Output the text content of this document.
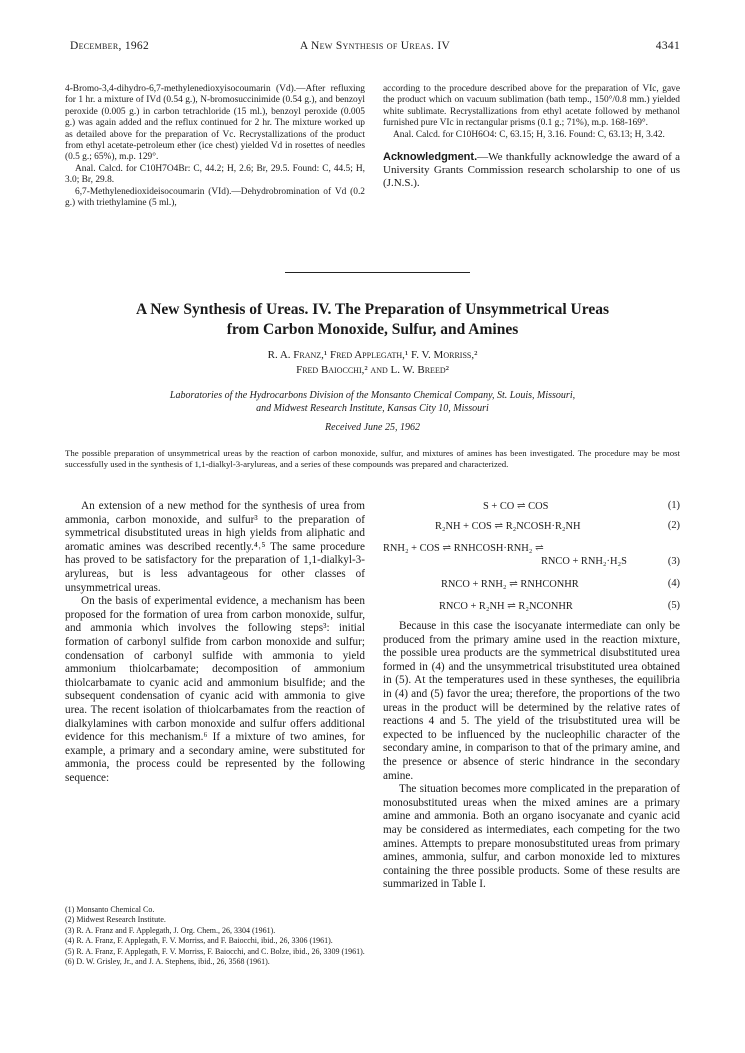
December, 1962	A New Synthesis of Ureas. IV	4341

4-Bromo-3,4-dihydro-6,7-methylenedioxyisocoumarin (Vd).—After refluxing for 1 hr. a mixture of IVd (0.54 g.), N-bromosuccinimide (0.54 g.), and benzoyl peroxide (0.005 g.) in carbon tetrachloride (15 ml.), benzoyl peroxide (0.005 g.) was again added and the reflux continued for 2 hr. The mixture worked up as detailed above for the preparation of Vc. Recrystallizations of the product from ethyl acetate-petroleum ether (ice chest) yielded Vd in rosettes of needles (0.5 g.; 65%), m.p. 129°.

Anal. Calcd. for C10H7O4Br: C, 44.2; H, 2.6; Br, 29.5. Found: C, 44.5; H, 3.0; Br, 29.8.

6,7-Methylenedioxideisocoumarin (VId).—Dehydrobromination of Vd (0.2 g.) with triethylamine (5 ml.),

according to the procedure described above for the preparation of VIc, gave the product which on vacuum sublimation (bath temp., 150°/0.8 mm.) yielded white sublimate. Recrystallizations from ethyl acetate followed by methanol furnished pure VIc in rectangular prisms (0.1 g.; 71%), m.p. 168-169°.

Anal. Calcd. for C10H6O4: C, 63.15; H, 3.16. Found: C, 63.13; H, 3.42.

Acknowledgment.—We thankfully acknowledge the award of a University Grants Commission research scholarship to one of us (J.N.S.).

A New Synthesis of Ureas. IV. The Preparation of Unsymmetrical Ureas
from Carbon Monoxide, Sulfur, and Amines
R. A. Franz,¹ Fred Applegath,¹ F. V. Morriss,²
Fred Baiocchi,² and L. W. Breed²
Laboratories of the Hydrocarbons Division of the Monsanto Chemical Company, St. Louis, Missouri,
and Midwest Research Institute, Kansas City 10, Missouri
Received June 25, 1962
The possible preparation of unsymmetrical ureas by the reaction of carbon monoxide, sulfur, and mixtures of amines has been investigated. The procedure may be most successfully used in the synthesis of 1,1-dialkyl-3-arylureas, and a series of these compounds was prepared and characterized.

An extension of a new method for the synthesis of urea from ammonia, carbon monoxide, and sulfur³ to the preparation of symmetrical disubstituted ureas in high yields from aliphatic and aromatic amines was described recently.⁴˒⁵ The same procedure has proved to be satisfactory for the preparation of 1,1-dialkyl-3-arylureas, but is less advantageous for other classes of unsymmetrical ureas.

On the basis of experimental evidence, a mechanism has been proposed for the formation of urea from carbon monoxide, sulfur, and ammonia which involves the following steps³: initial formation of carbonyl sulfide from carbon monoxide and sulfur; condensation of carbonyl sulfide with ammonia to yield ammonium thiolcarbamate; decomposition of ammonium thiolcarbamate to cyanic acid and ammonium bisulfide; and the subsequent condensation of cyanic acid with ammonia to give urea. The recent isolation of thiolcarbamates from the reaction of dialkylamines with carbon monoxide and sulfur offers additional evidence for this mechanism.⁶ If a mixture of two amines, for example, a primary and a secondary amine, were substituted for ammonia, the process could be represented by the following sequence:

S + CO ⇌ COS	(1)
R₂NH + COS ⇌ R₂NCOSH·R₂NH	(2)
RNH₂ + COS ⇌ RNHCOSH·RNH₂ ⇌
RNCO + RNH₂·H₂S	(3)
RNCO + RNH₂ ⇌ RNHCONHR	(4)
RNCO + R₂NH ⇌ R₂NCONHR	(5)

Because in this case the isocyanate intermediate can only be produced from the primary amine used in the reaction mixture, the possible urea products are the symmetrical disubstituted urea formed in (4) and the unsymmetrical trisubstituted urea obtained in (5). At the temperatures used in these syntheses, the equilibria in (4) and (5) favor the urea; therefore, the proportions of the two ureas in the product will be determined by the relative rates of reactions 4 and 5. The yield of the trisubstituted urea will be expected to be influenced by the nucleophilic character of the secondary amine, in comparison to that of the primary amine, and the presence or absence of steric hindrance in the secondary amine.

The situation becomes more complicated in the preparation of monosubstituted ureas when the mixed amines are a primary amine and ammonia. Both an organo isocyanate and cyanic acid may be considered as intermediates, each competing for the two amines. Attempts to prepare monosubstituted ureas from primary amines, ammonia, sulfur, and carbon monoxide led to mixtures containing the three possible products. Some of these results are summarized in Table I.

(1) Monsanto Chemical Co.
(2) Midwest Research Institute.
(3) R. A. Franz and F. Applegath, J. Org. Chem., 26, 3304 (1961).
(4) R. A. Franz, F. Applegath, F. V. Morriss, and F. Baiocchi, ibid., 26, 3306 (1961).
(5) R. A. Franz, F. Applegath, F. V. Morriss, F. Baiocchi, and C. Bolze, ibid., 26, 3309 (1961).
(6) D. W. Grisley, Jr., and J. A. Stephens, ibid., 26, 3568 (1961).
